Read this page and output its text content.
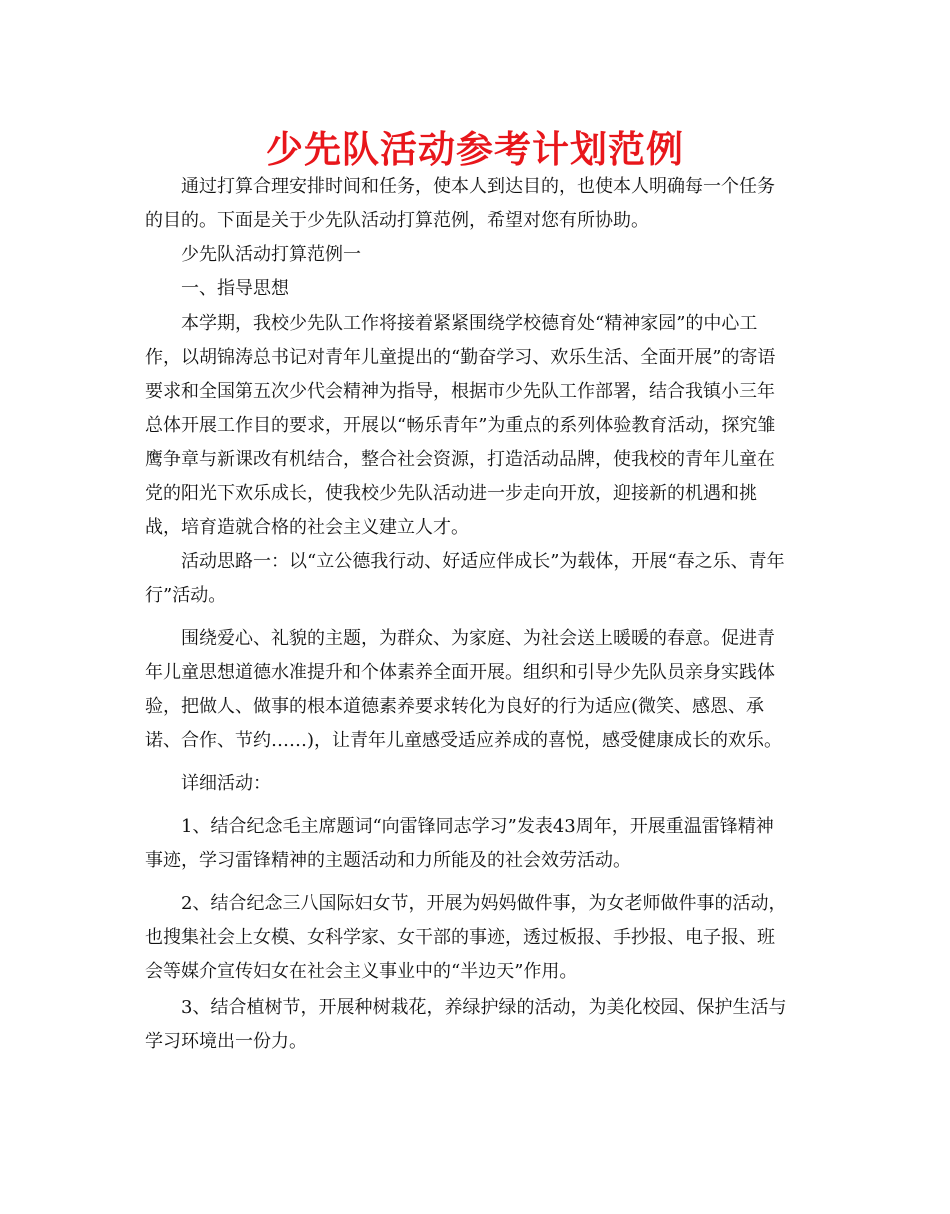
少先队活动参考计划范例
通过打算合理安排时间和任务，使本人到达目的，也使本人明确每一个任务
的目的。下面是关于少先队活动打算范例，希望对您有所协助。
少先队活动打算范例一
一、指导思想
本学期，我校少先队工作将接着紧紧围绕学校德育处“精神家园”的中心工
作，以胡锦涛总书记对青年儿童提出的“勤奋学习、欢乐生活、全面开展”的寄语
要求和全国第五次少代会精神为指导，根据市少先队工作部署，结合我镇小三年
总体开展工作目的要求，开展以“畅乐青年”为重点的系列体验教育活动，探究雏
鹰争章与新课改有机结合，整合社会资源，打造活动品牌，使我校的青年儿童在
党的阳光下欢乐成长，使我校少先队活动进一步走向开放，迎接新的机遇和挑
战，培育造就合格的社会主义建立人才。
活动思路一：以“立公德我行动、好适应伴成长”为载体，开展“春之乐、青年
行”活动。
围绕爱心、礼貌的主题，为群众、为家庭、为社会送上暖暖的春意。促进青
年儿童思想道德水准提升和个体素养全面开展。组织和引导少先队员亲身实践体
验，把做人、做事的根本道德素养要求转化为良好的行为适应(微笑、感恩、承
诺、合作、节约……)，让青年儿童感受适应养成的喜悦，感受健康成长的欢乐。
详细活动：
1、结合纪念毛主席题词“向雷锋同志学习”发表43周年，开展重温雷锋精神
事迹，学习雷锋精神的主题活动和力所能及的社会效劳活动。
2、结合纪念三八国际妇女节，开展为妈妈做件事，为女老师做件事的活动，
也搜集社会上女模、女科学家、女干部的事迹，透过板报、手抄报、电子报、班
会等媒介宣传妇女在社会主义事业中的“半边天”作用。
3、结合植树节，开展种树栽花，养绿护绿的活动，为美化校园、保护生活与
学习环境出一份力。
